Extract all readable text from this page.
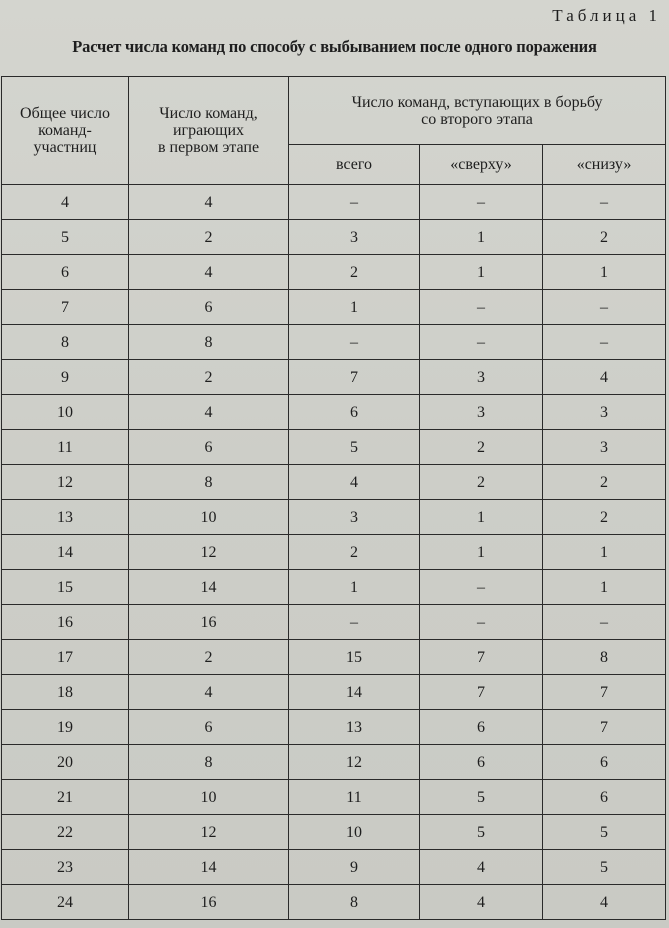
Таблица 1
Расчет числа команд по способу с выбыванием после одного поражения
Общее число
команд-
участниц	Число команд,
играющих
в первом этапе	Число команд, вступающих в борьбу
со второго этапа		
		всего	«сверху»	«снизу»
4	4	–	–	–
5	2	3	1	2
6	4	2	1	1
7	6	1	–	–
8	8	–	–	–
9	2	7	3	4
10	4	6	3	3
11	6	5	2	3
12	8	4	2	2
13	10	3	1	2
14	12	2	1	1
15	14	1	–	1
16	16	–	–	–
17	2	15	7	8
18	4	14	7	7
19	6	13	6	7
20	8	12	6	6
21	10	11	5	6
22	12	10	5	5
23	14	9	4	5
24	16	8	4	4
